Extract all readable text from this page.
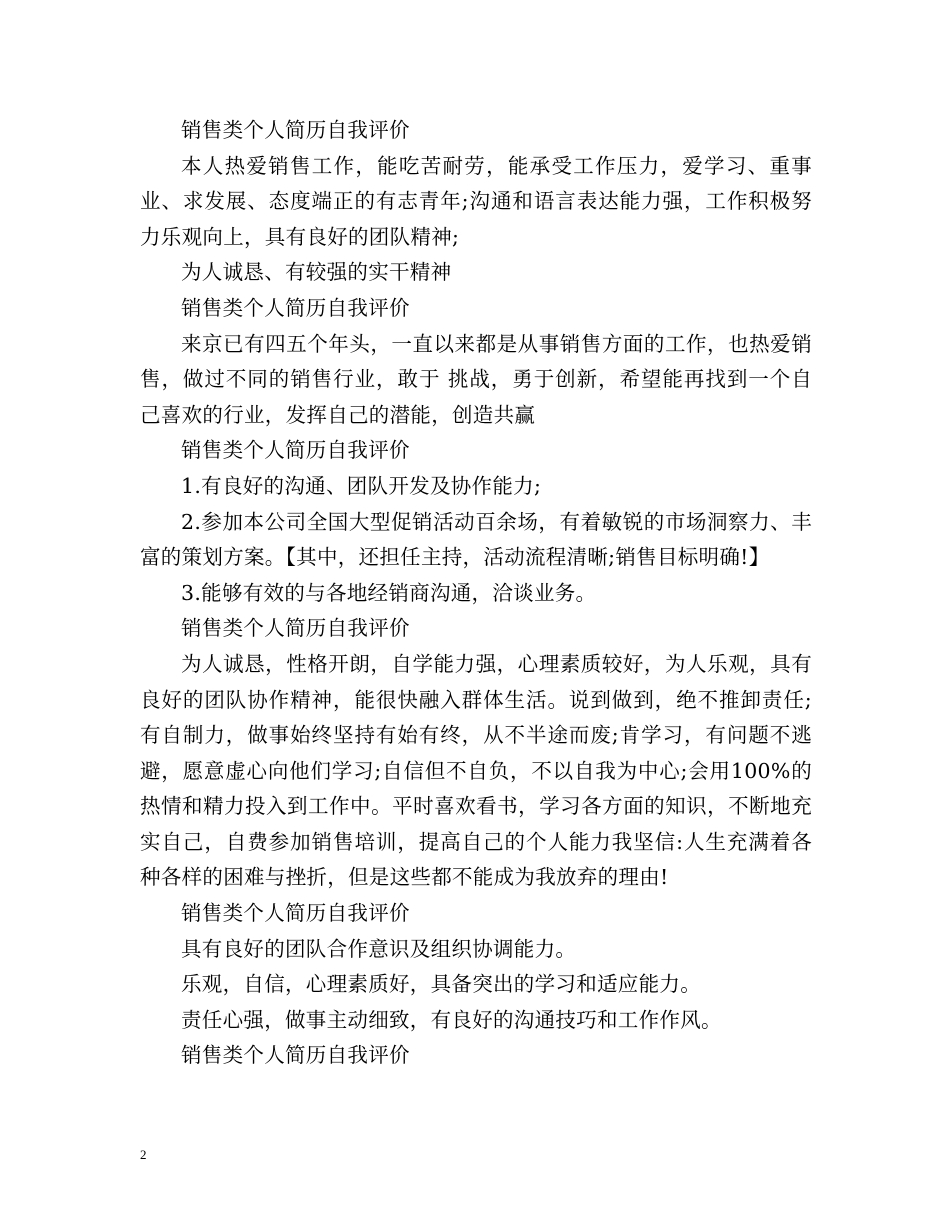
销售类个人简历自我评价

本人热爱销售工作，能吃苦耐劳，能承受工作压力，爱学习、重事业、求发展、态度端正的有志青年;沟通和语言表达能力强，工作积极努力乐观向上，具有良好的团队精神;

为人诚恳、有较强的实干精神

销售类个人简历自我评价

来京已有四五个年头，一直以来都是从事销售方面的工作，也热爱销售，做过不同的销售行业，敢于 挑战，勇于创新，希望能再找到一个自己喜欢的行业，发挥自己的潜能，创造共赢

销售类个人简历自我评价

1.有良好的沟通、团队开发及协作能力;

2.参加本公司全国大型促销活动百余场，有着敏锐的市场洞察力、丰富的策划方案。【其中，还担任主持，活动流程清晰;销售目标明确!】

3.能够有效的与各地经销商沟通，洽谈业务。

销售类个人简历自我评价

为人诚恳，性格开朗，自学能力强，心理素质较好，为人乐观，具有良好的团队协作精神，能很快融入群体生活。说到做到，绝不推卸责任;有自制力，做事始终坚持有始有终，从不半途而废;肯学习，有问题不逃避，愿意虚心向他们学习;自信但不自负，不以自我为中心;会用100%的热情和精力投入到工作中。平时喜欢看书，学习各方面的知识，不断地充实自己，自费参加销售培训，提高自己的个人能力我坚信:人生充满着各种各样的困难与挫折，但是这些都不能成为我放弃的理由!

销售类个人简历自我评价

具有良好的团队合作意识及组织协调能力。

乐观，自信，心理素质好，具备突出的学习和适应能力。

责任心强，做事主动细致，有良好的沟通技巧和工作作风。

销售类个人简历自我评价

2
